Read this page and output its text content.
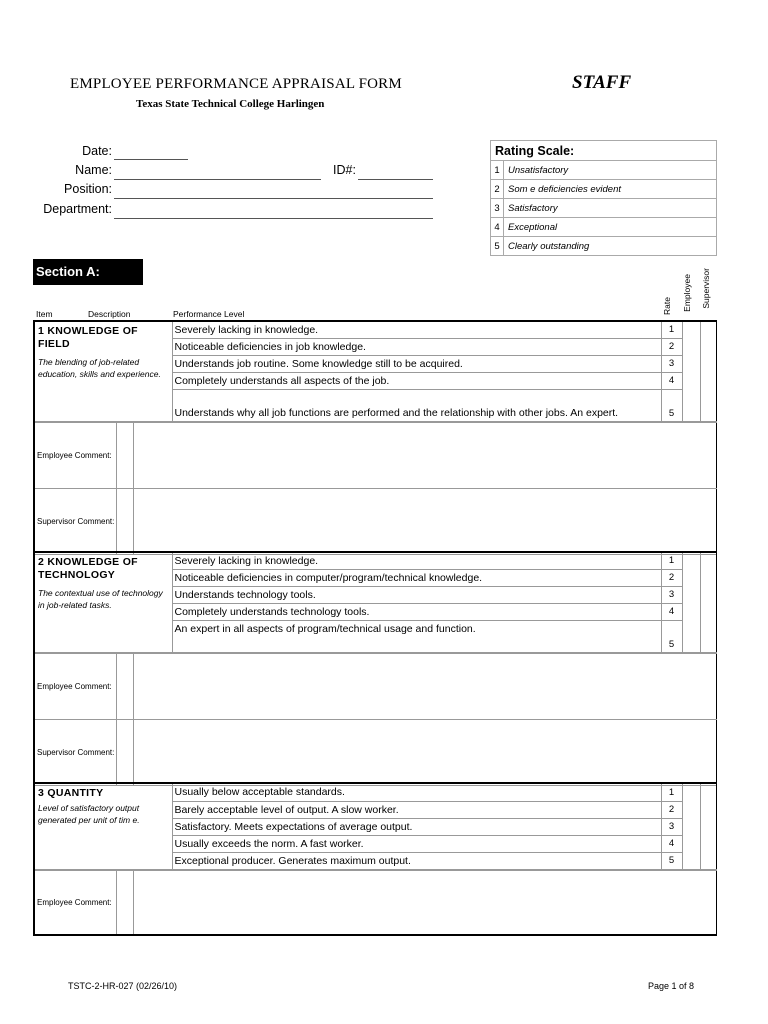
EMPLOYEE PERFORMANCE APPRAISAL FORM
Texas State Technical College Harlingen
STAFF
Date:
Name:	ID#:
Position:
Department:
Rating Scale:	
1	Unsatisfactory
2	Som e deficiencies evident
3	Satisfactory
4	Exceptional
5	Clearly outstanding
Section A:
Item	Description	Performance Level	Rate Employee Supervisor
1 KNOWLEDGE OF FIELD
The blending of job-related education, skills and experience.	Severely lacking in knowledge.	1		
	Noticeable deficiencies in job knowledge.	2		
	Understands job routine. Some knowledge still to be acquired.	3		
	Completely understands all aspects of the job.	4		
	Understands why all job functions are performed and the relationship with other jobs. An expert.	5		
Employee Comment:		
Supervisor Comment:		
2 KNOWLEDGE OF TECHNOLOGY
The contextual use of technology in job-related tasks.	Severely lacking in knowledge.	1		
	Noticeable deficiencies in computer/program/technical knowledge.	2		
	Understands technology tools.	3		
	Completely understands technology tools.	4		
	An expert in all aspects of program/technical usage and function.	5		
Employee Comment:		
Supervisor Comment:		
3 QUANTITY
Level of satisfactory output generated per unit of tim e.	Usually below acceptable standards.	1		
	Barely acceptable level of output. A slow worker.	2		
	Satisfactory. Meets expectations of average output.	3		
	Usually exceeds the norm. A fast worker.	4		
	Exceptional producer. Generates maximum output.	5		
Employee Comment:		
TSTC-2-HR-027 (02/26/10)	Page 1 of 8
